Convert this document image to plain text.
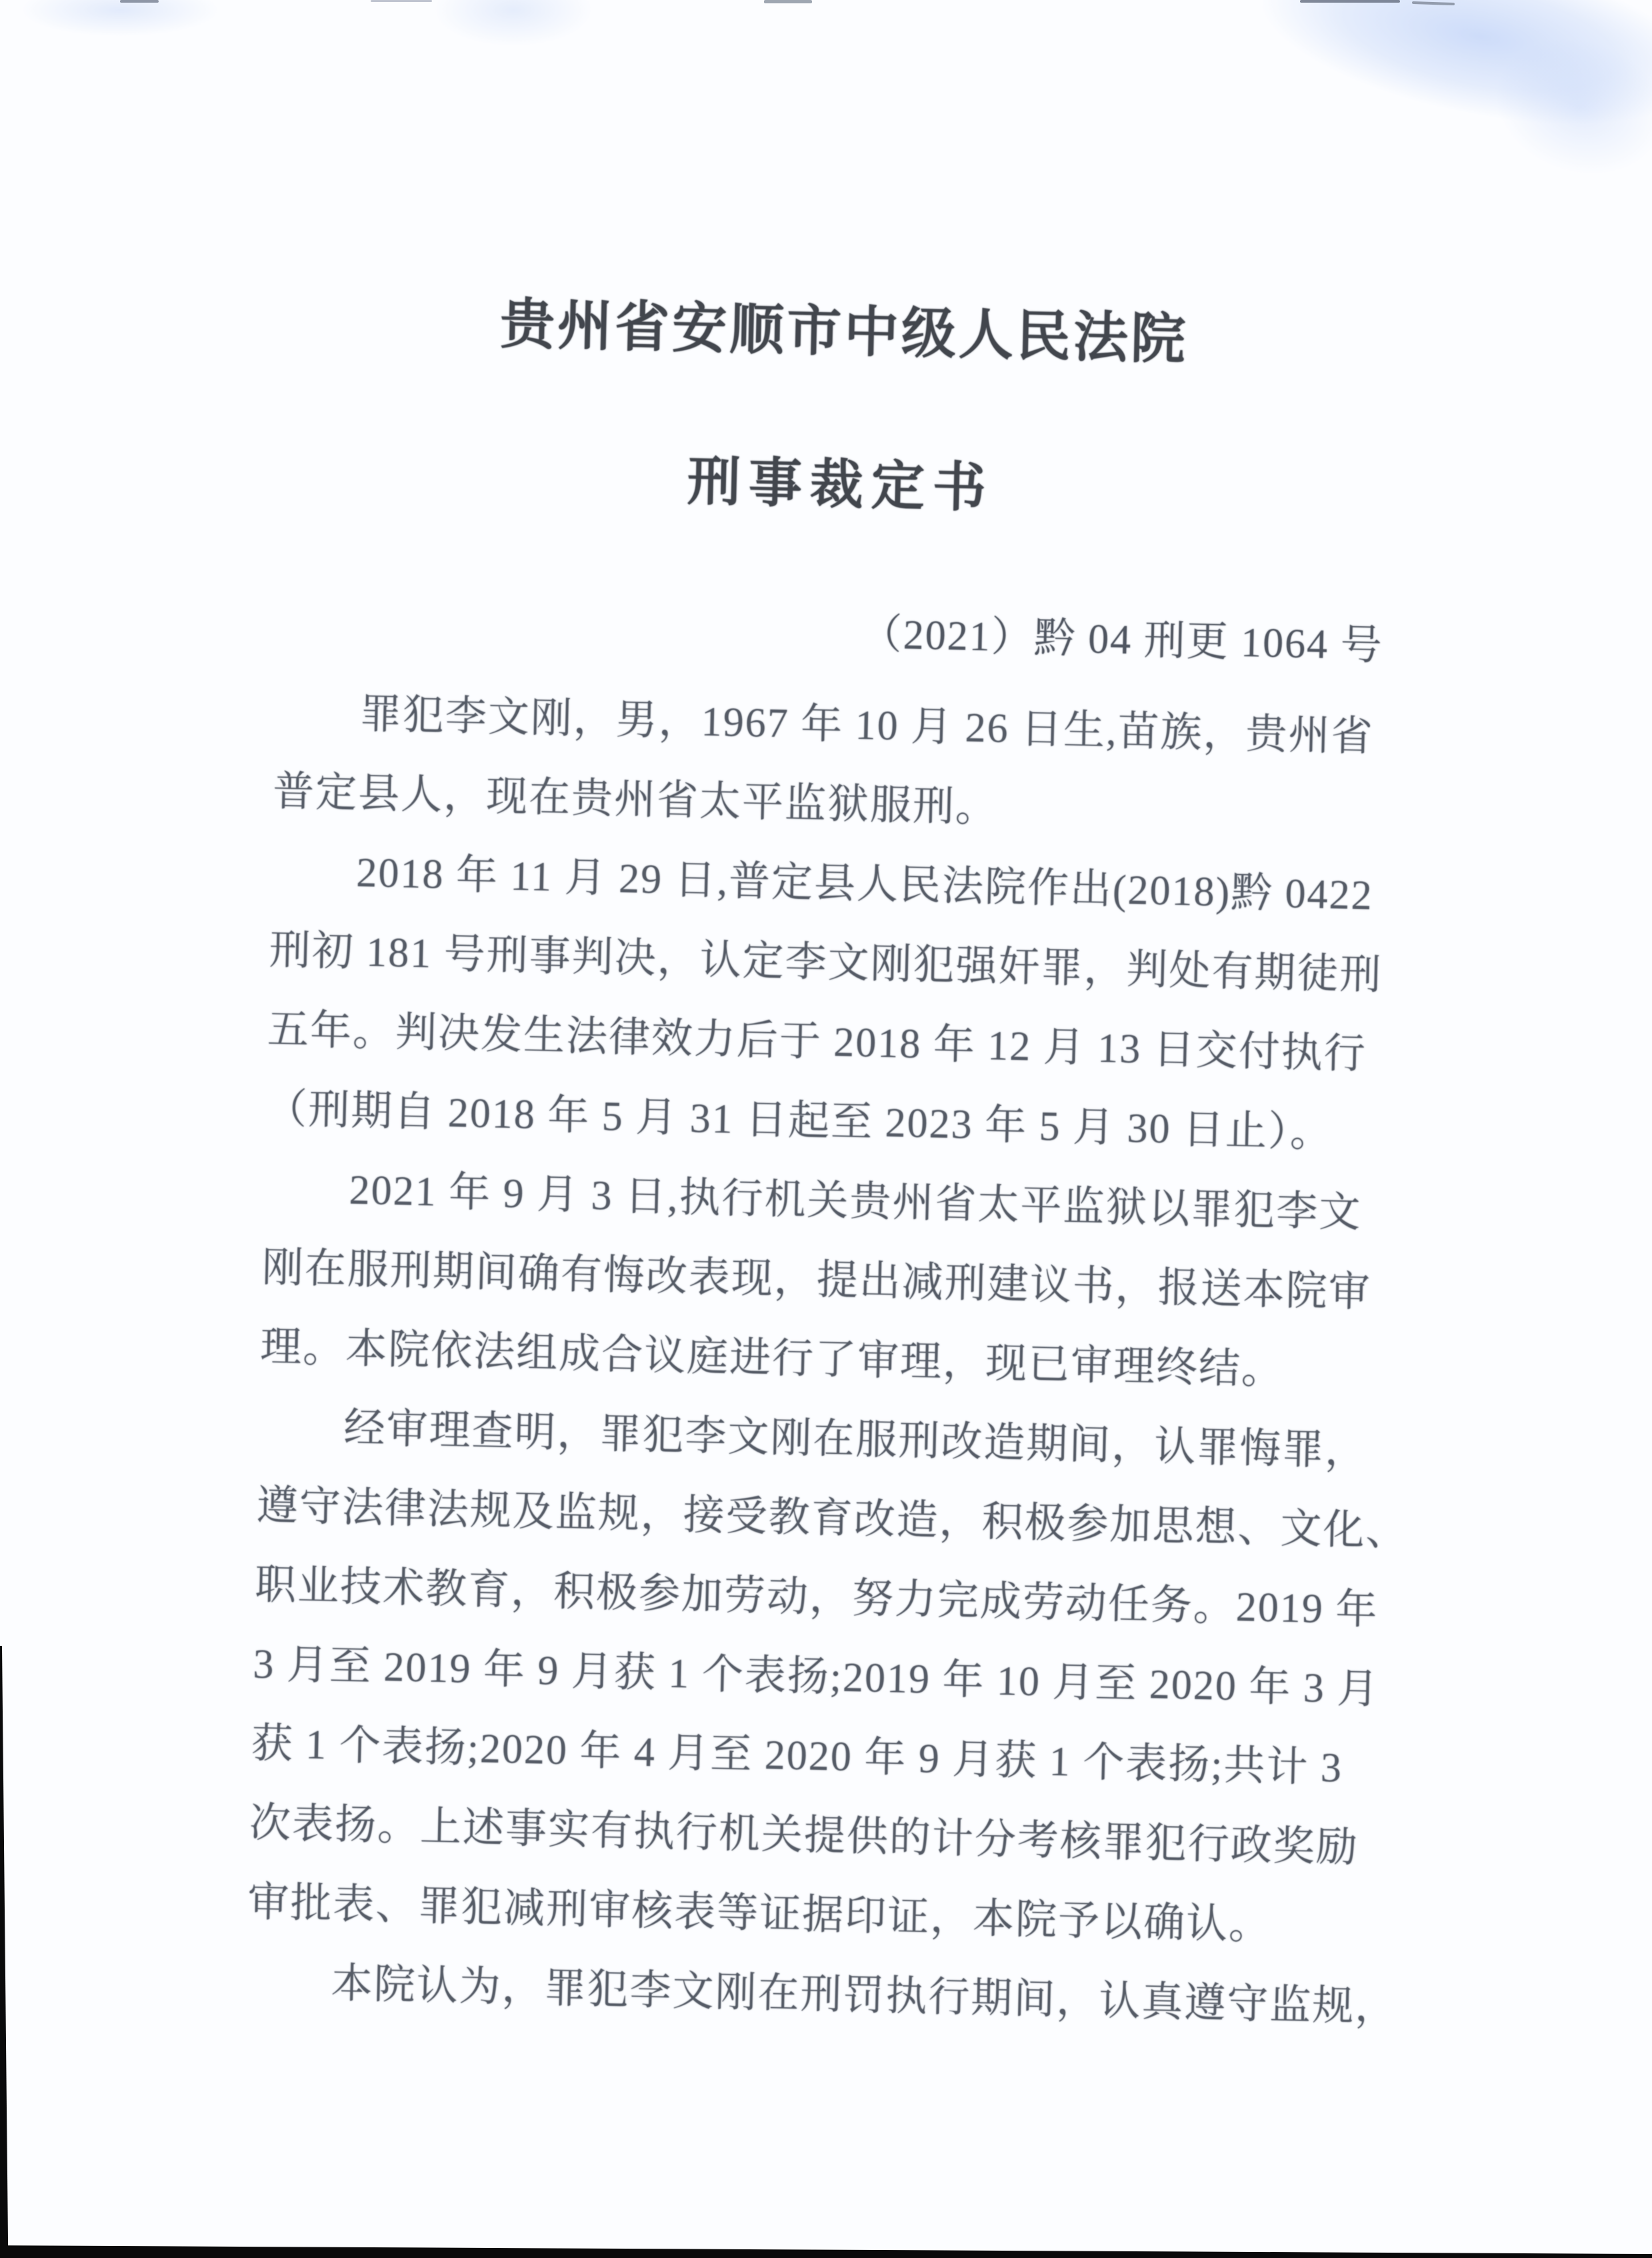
贵州省安顺市中级人民法院
刑事裁定书
（2021）黔 04 刑更 1064 号
罪犯李文刚，男，1967 年 10 月 26 日生,苗族，贵州省
普定县人，现在贵州省太平监狱服刑。
2018 年 11 月 29 日,普定县人民法院作出(2018)黔 0422
刑初 181 号刑事判决，认定李文刚犯强奸罪，判处有期徒刑
五年。判决发生法律效力后于 2018 年 12 月 13 日交付执行
（刑期自 2018 年 5 月 31 日起至 2023 年 5 月 30 日止）。
2021 年 9 月 3 日,执行机关贵州省太平监狱以罪犯李文
刚在服刑期间确有悔改表现，提出减刑建议书，报送本院审
理。本院依法组成合议庭进行了审理，现已审理终结。
经审理查明，罪犯李文刚在服刑改造期间，认罪悔罪，
遵守法律法规及监规，接受教育改造，积极参加思想、文化、
职业技术教育，积极参加劳动，努力完成劳动任务。2019 年
3 月至 2019 年 9 月获 1 个表扬;2019 年 10 月至 2020 年 3 月
获 1 个表扬;2020 年 4 月至 2020 年 9 月获 1 个表扬;共计 3
次表扬。上述事实有执行机关提供的计分考核罪犯行政奖励
审批表、罪犯减刑审核表等证据印证，本院予以确认。
本院认为，罪犯李文刚在刑罚执行期间，认真遵守监规，
